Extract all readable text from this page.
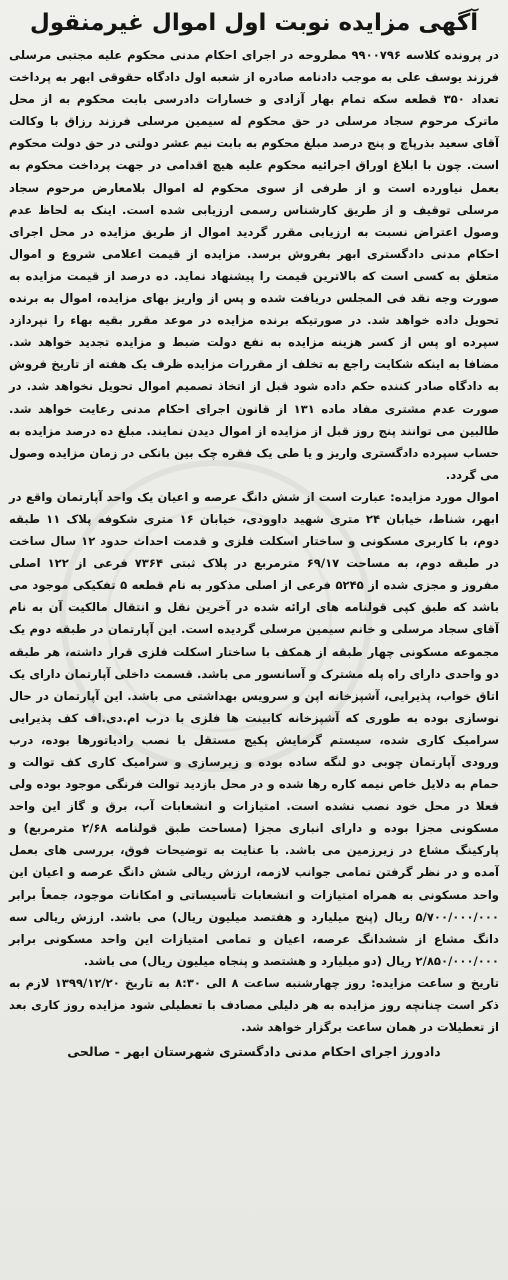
آگهی مزایده نوبت اول اموال غیرمنقول

در پرونده کلاسه ۹۹۰۰۷۹۶ مطروحه در اجرای احکام مدنی محکوم علیه مجتبی مرسلی فرزند یوسف علی به موجب دادنامه صادره از شعبه اول دادگاه حقوقی ابهر به پرداخت تعداد ۳۵۰ قطعه سکه تمام بهار آزادی و خسارات دادرسی بابت محکوم به از محل ماترک مرحوم سجاد مرسلی در حق محکوم له سیمین مرسلی فرزند رزاق با وکالت آقای سعید بذرپاچ و پنج درصد مبلغ محکوم به بابت نیم عشر دولتی در حق دولت محکوم است. چون با ابلاغ اوراق اجرائیه محکوم علیه هیچ اقدامی در جهت پرداخت محکوم به بعمل نیاورده است و از طرفی از سوی محکوم له اموال بلامعارض مرحوم سجاد مرسلی توقیف و از طریق کارشناس رسمی ارزیابی شده است. اینک به لحاظ عدم وصول اعتراض نسبت به ارزیابی مقرر گردید اموال از طریق مزایده در محل اجرای احکام مدنی دادگستری ابهر بفروش برسد. مزایده از قیمت اعلامی شروع و اموال متعلق به کسی است که بالاترین قیمت را پیشنهاد نماید. ده درصد از قیمت مزایده به صورت وجه نقد فی المجلس دریافت شده و پس از واریز بهای مزایده، اموال به برنده تحویل داده خواهد شد. در صورتیکه برنده مزایده در موعد مقرر بقیه بهاء را نپردازد سپرده او پس از کسر هزینه مزایده به نفع دولت ضبط و مزایده تجدید خواهد شد. مضافا به اینکه شکایت راجع به تخلف از مقررات مزایده ظرف یک هفته از تاریخ فروش به دادگاه صادر کننده حکم داده شود قبل از اتخاذ تصمیم اموال تحویل نخواهد شد. در صورت عدم مشتری مفاد ماده ۱۳۱ از قانون اجرای احکام مدنی رعایت خواهد شد. طالبین می توانند پنج روز قبل از مزایده از اموال دیدن نمایند. مبلغ ده درصد مزایده به حساب سپرده دادگستری واریز و یا طی یک فقره چک بین بانکی در زمان مزایده وصول می گردد.

اموال مورد مزایده: عبارت است از شش دانگ عرصه و اعیان یک واحد آپارتمان واقع در ابهر، شناط، خیابان ۲۴ متری شهید داوودی، خیابان ۱۶ متری شکوفه پلاک ۱۱ طبقه دوم، با کاربری مسکونی و ساختار اسکلت فلزی و قدمت احداث حدود ۱۲ سال ساخت در طبقه دوم، به مساحت ۶۹/۱۷ مترمربع در پلاک ثبتی ۷۳۶۴ فرعی از ۱۲۲ اصلی مفروز و مجزی شده از ۵۲۴۵ فرعی از اصلی مذکور به نام قطعه ۵ تفکیکی موجود می باشد که طبق کپی قولنامه های ارائه شده در آخرین نقل و انتقال مالکیت آن به نام آقای سجاد مرسلی و خانم سیمین مرسلی گردیده است. این آپارتمان در طبقه دوم یک مجموعه مسکونی چهار طبقه از همکف با ساختار اسکلت فلزی قرار داشته، هر طبقه دو واحدی دارای راه پله مشترک و آسانسور می باشد. قسمت داخلی آپارتمان دارای یک اتاق خواب، پذیرایی، آشپزخانه اپن و سرویس بهداشتی می باشد. این آپارتمان در حال نوسازی بوده به طوری که آشپزخانه کابینت ها فلزی با درب ام.دی.اف کف پذیرایی سرامیک کاری شده، سیستم گرمایش پکیج مستقل با نصب رادیاتورها بوده، درب ورودی آپارتمان چوبی دو لنگه ساده بوده و زیرسازی و سرامیک کاری کف توالت و حمام به دلایل خاص نیمه کاره رها شده و در محل بازدید توالت فرنگی موجود بوده ولی فعلا در محل خود نصب نشده است. امتیازات و انشعابات آب، برق و گاز این واحد مسکونی مجزا بوده و دارای انباری مجزا (مساحت طبق قولنامه ۲/۶۸ مترمربع) و پارکینگ مشاع در زیرزمین می باشد. با عنایت به توضیحات فوق، بررسی های بعمل آمده و در نظر گرفتن تمامی جوانب لازمه، ارزش ریالی شش دانگ عرصه و اعیان این واحد مسکونی به همراه امتیازات و انشعابات تأسیساتی و امکانات موجود، جمعاً برابر ۵/۷۰۰/۰۰۰/۰۰۰ ریال (پنج میلیارد و هفتصد میلیون ریال) می باشد. ارزش ریالی سه دانگ مشاع از ششدانگ عرصه، اعیان و تمامی امتیازات این واحد مسکونی برابر ۲/۸۵۰/۰۰۰/۰۰۰ ریال (دو میلیارد و هشتصد و پنجاه میلیون ریال) می باشد.

تاریخ و ساعت مزایده: روز چهارشنبه ساعت ۸ الی ۸:۳۰ به تاریخ ۱۳۹۹/۱۲/۲۰ لازم به ذکر است چنانچه روز مزایده به هر دلیلی مصادف با تعطیلی شود مزایده روز کاری بعد از تعطیلات در همان ساعت برگزار خواهد شد.

دادورز اجرای احکام مدنی دادگستری شهرستان ابهر - صالحی
